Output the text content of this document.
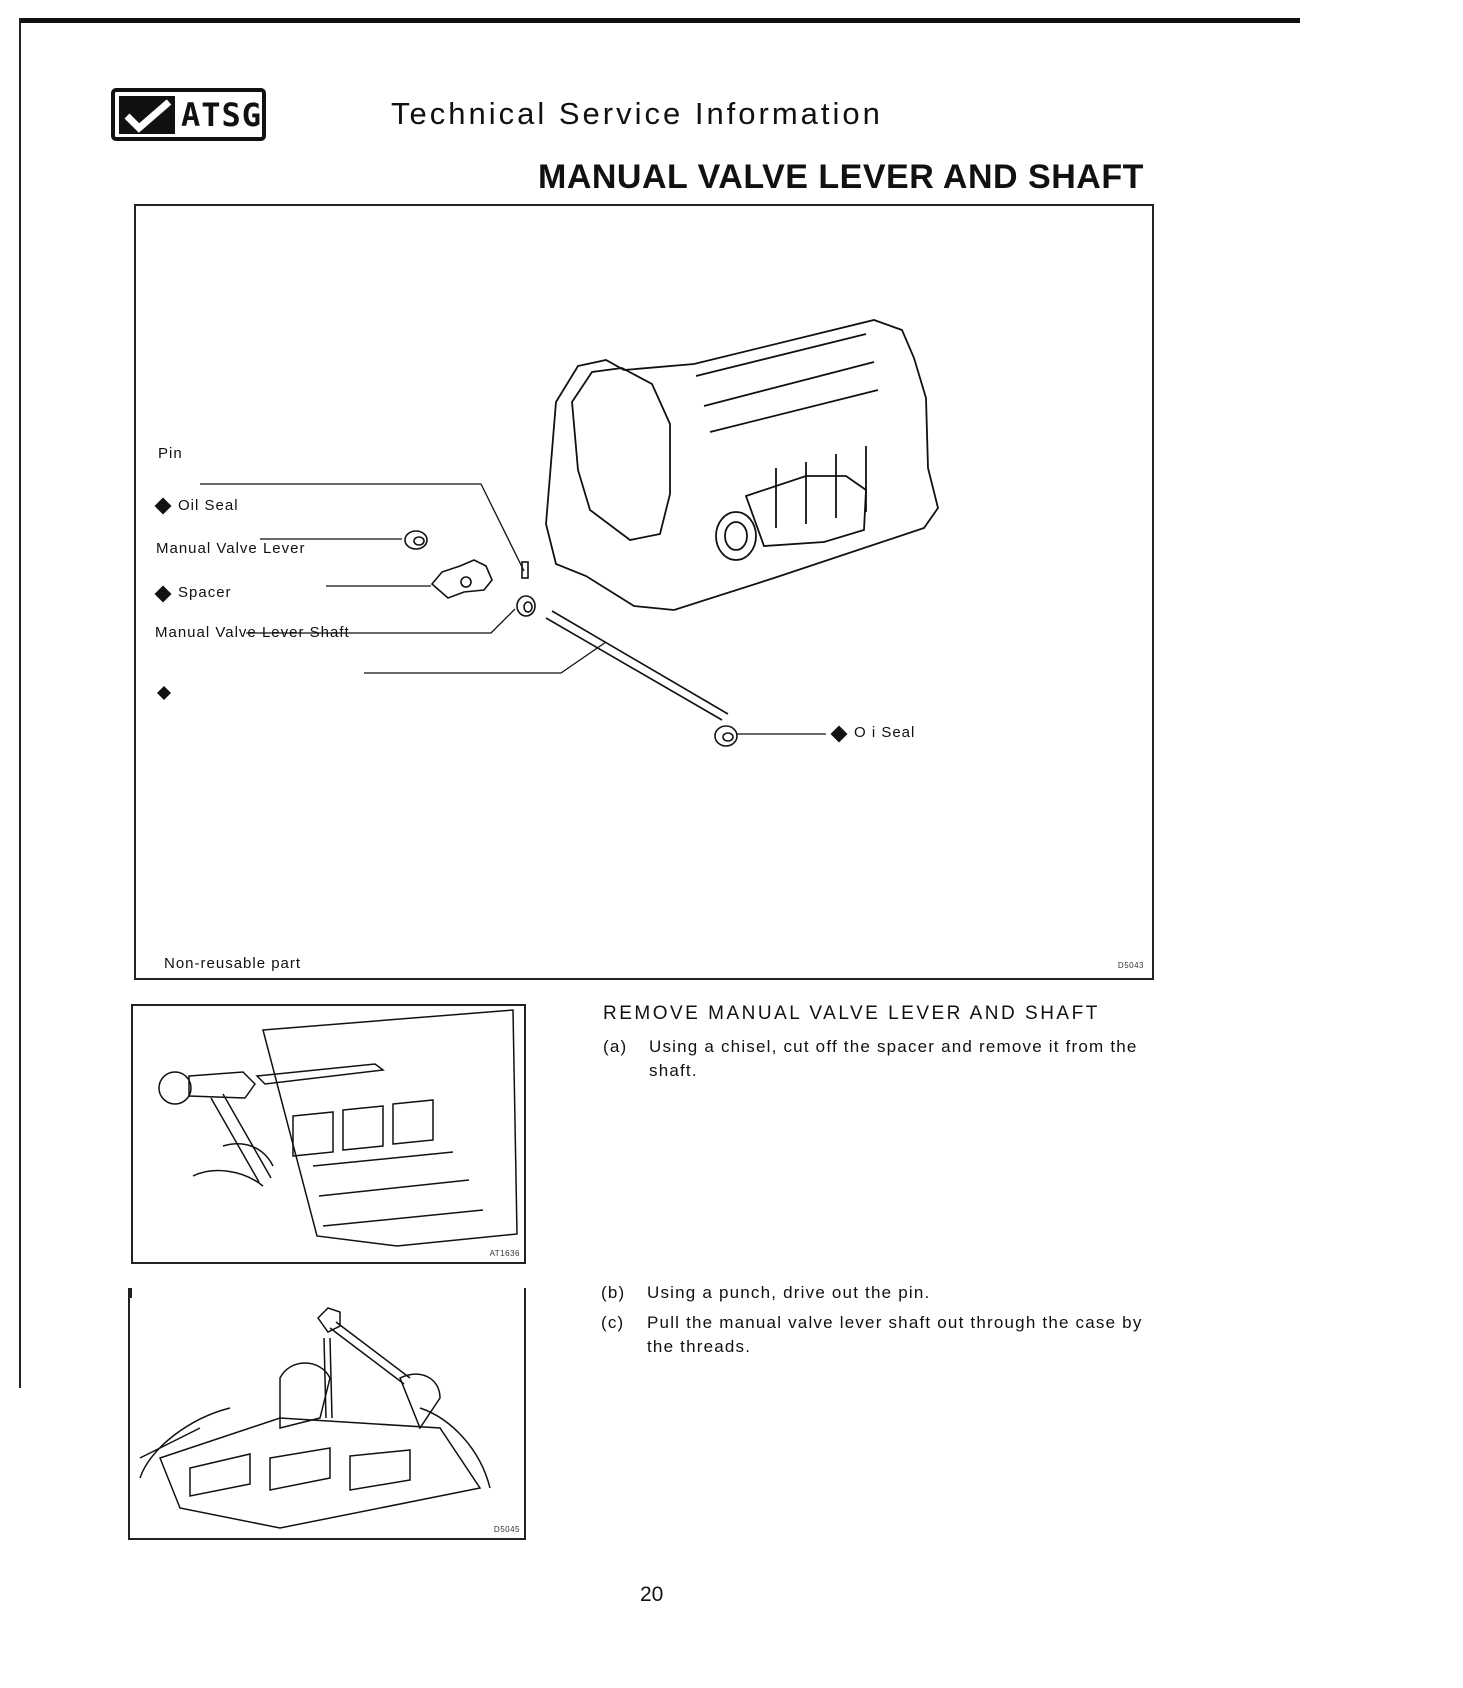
ATSG	Technical Service Information
MANUAL VALVE LEVER AND SHAFT
Pin
Oil Seal
Manual Valve Lever
Spacer
Manual Valve Lever Shaft
O i Seal
Non-reusable part	D5043
AT1636
D5045
REMOVE MANUAL VALVE LEVER AND SHAFT
(a) Using a chisel, cut off the spacer and remove it from the shaft.
(b) Using a punch, drive out the pin.
(c) Pull the manual valve lever shaft out through the case by the threads.
20
